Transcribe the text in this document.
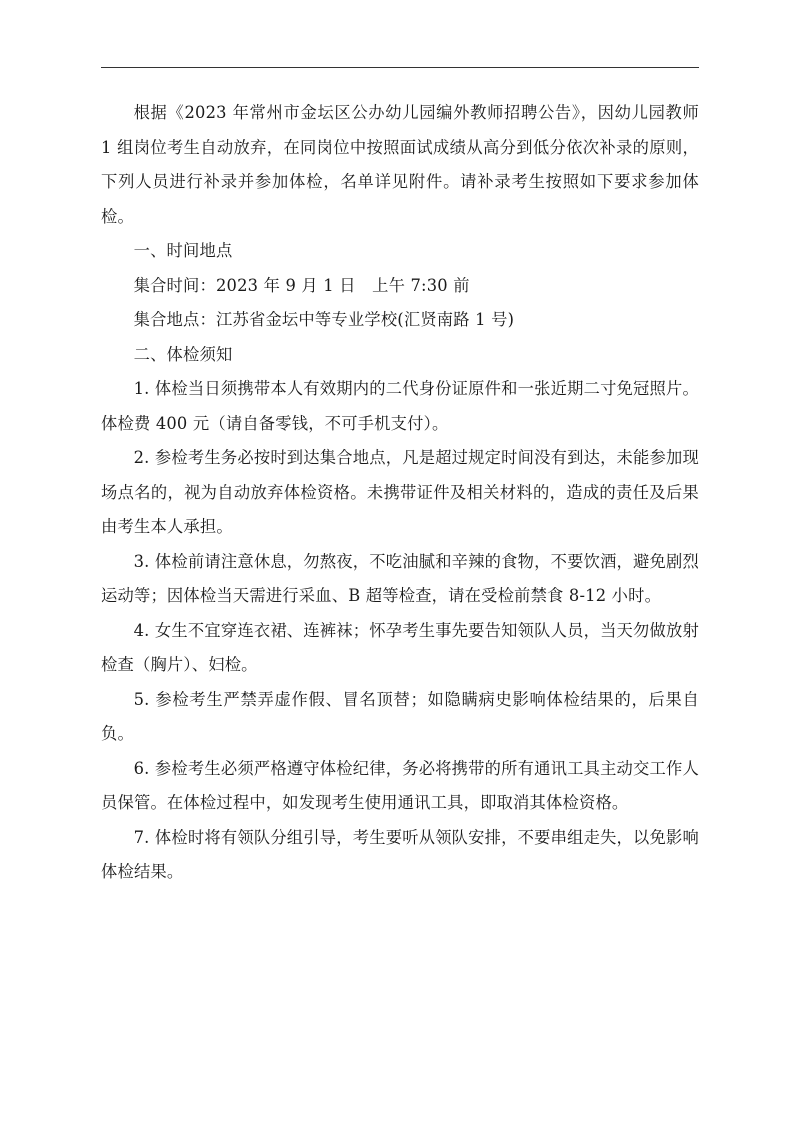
根据《2023 年常州市金坛区公办幼儿园编外教师招聘公告》，因幼儿园教师 1 组岗位考生自动放弃，在同岗位中按照面试成绩从高分到低分依次补录的原则，下列人员进行补录并参加体检，名单详见附件。请补录考生按照如下要求参加体检。

一、时间地点

集合时间：2023 年 9 月 1 日　上午 7:30 前

集合地点：江苏省金坛中等专业学校(汇贤南路 1 号)

二、体检须知

1. 体检当日须携带本人有效期内的二代身份证原件和一张近期二寸免冠照片。体检费 400 元（请自备零钱，不可手机支付）。

2. 参检考生务必按时到达集合地点，凡是超过规定时间没有到达，未能参加现场点名的，视为自动放弃体检资格。未携带证件及相关材料的，造成的责任及后果由考生本人承担。

3. 体检前请注意休息，勿熬夜，不吃油腻和辛辣的食物，不要饮酒，避免剧烈运动等；因体检当天需进行采血、B 超等检查，请在受检前禁食 8-12 小时。

4. 女生不宜穿连衣裙、连裤袜；怀孕考生事先要告知领队人员，当天勿做放射检查（胸片）、妇检。

5. 参检考生严禁弄虚作假、冒名顶替；如隐瞒病史影响体检结果的，后果自负。

6. 参检考生必须严格遵守体检纪律，务必将携带的所有通讯工具主动交工作人员保管。在体检过程中，如发现考生使用通讯工具，即取消其体检资格。

7. 体检时将有领队分组引导，考生要听从领队安排，不要串组走失，以免影响体检结果。
